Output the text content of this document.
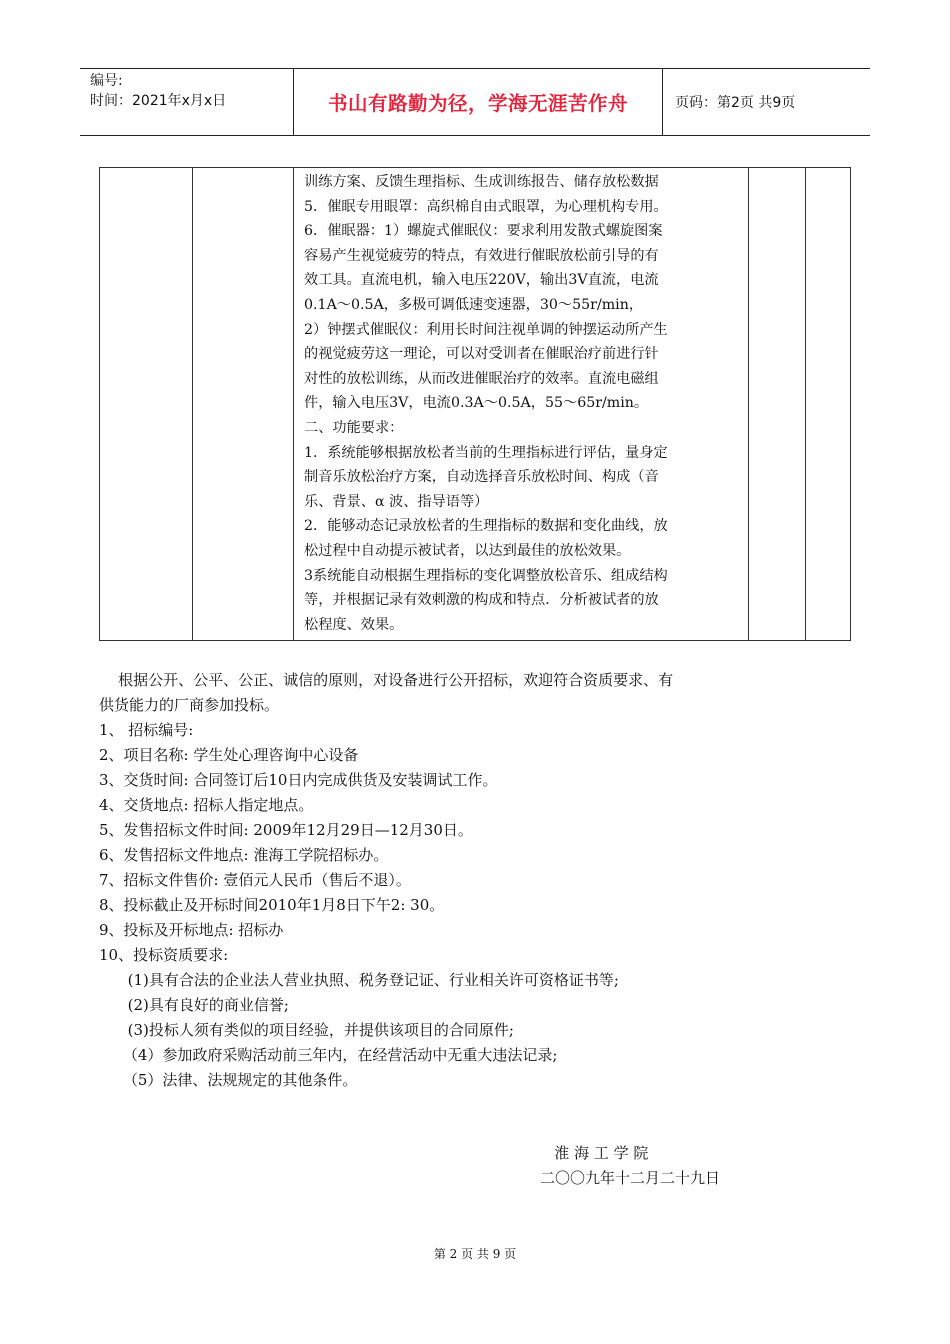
编号:
时间：2021年x月x日	书山有路勤为径，学海无涯苦作舟	页码：第2页 共9页

训练方案、反馈生理指标、生成训练报告、储存放松数据

5．催眠专用眼罩：高织棉自由式眼罩，为心理机构专用。

6．催眠器：1）螺旋式催眠仪：要求利用发散式螺旋图案

容易产生视觉疲劳的特点，有效进行催眠放松前引导的有

效工具。直流电机，输入电压220V，输出3V直流，电流

0.1A～0.5A，多极可调低速变速器，30～55r/min，

2）钟摆式催眠仪：利用长时间注视单调的钟摆运动所产生

的视觉疲劳这一理论，可以对受训者在催眠治疗前进行针

对性的放松训练，从而改进催眠治疗的效率。直流电磁组

件，输入电压3V，电流0.3A～0.5A，55～65r/min。

二、功能要求：

1．系统能够根据放松者当前的生理指标进行评估，量身定

制音乐放松治疗方案，自动选择音乐放松时间、构成（音

乐、背景、α 波、指导语等）

2．能够动态记录放松者的生理指标的数据和变化曲线，放

松过程中自动提示被试者，以达到最佳的放松效果。

3系统能自动根据生理指标的变化调整放松音乐、组成结构

等，并根据记录有效刺激的构成和特点．分析被试者的放

松程度、效果。

根据公开、公平、公正、诚信的原则，对设备进行公开招标，欢迎符合资质要求、有

供货能力的厂商参加投标。

1、 招标编号:

2、项目名称: 学生处心理咨询中心设备

3、交货时间: 合同签订后10日内完成供货及安装调试工作。

4、交货地点: 招标人指定地点。

5、发售招标文件时间: 2009年12月29日—12月30日。

6、发售招标文件地点: 淮海工学院招标办。

7、招标文件售价: 壹佰元人民币（售后不退）。

8、投标截止及开标时间2010年1月8日下午2: 30。

9、投标及开标地点: 招标办

10、投标资质要求:

(1)具有合法的企业法人营业执照、税务登记证、行业相关许可资格证书等;

(2)具有良好的商业信誉;

(3)投标人须有类似的项目经验，并提供该项目的合同原件;

（4）参加政府采购活动前三年内，在经营活动中无重大违法记录;

（5）法律、法规规定的其他条件。

淮 海 工 学 院

二〇〇九年十二月二十九日

第 2 页 共 9 页
